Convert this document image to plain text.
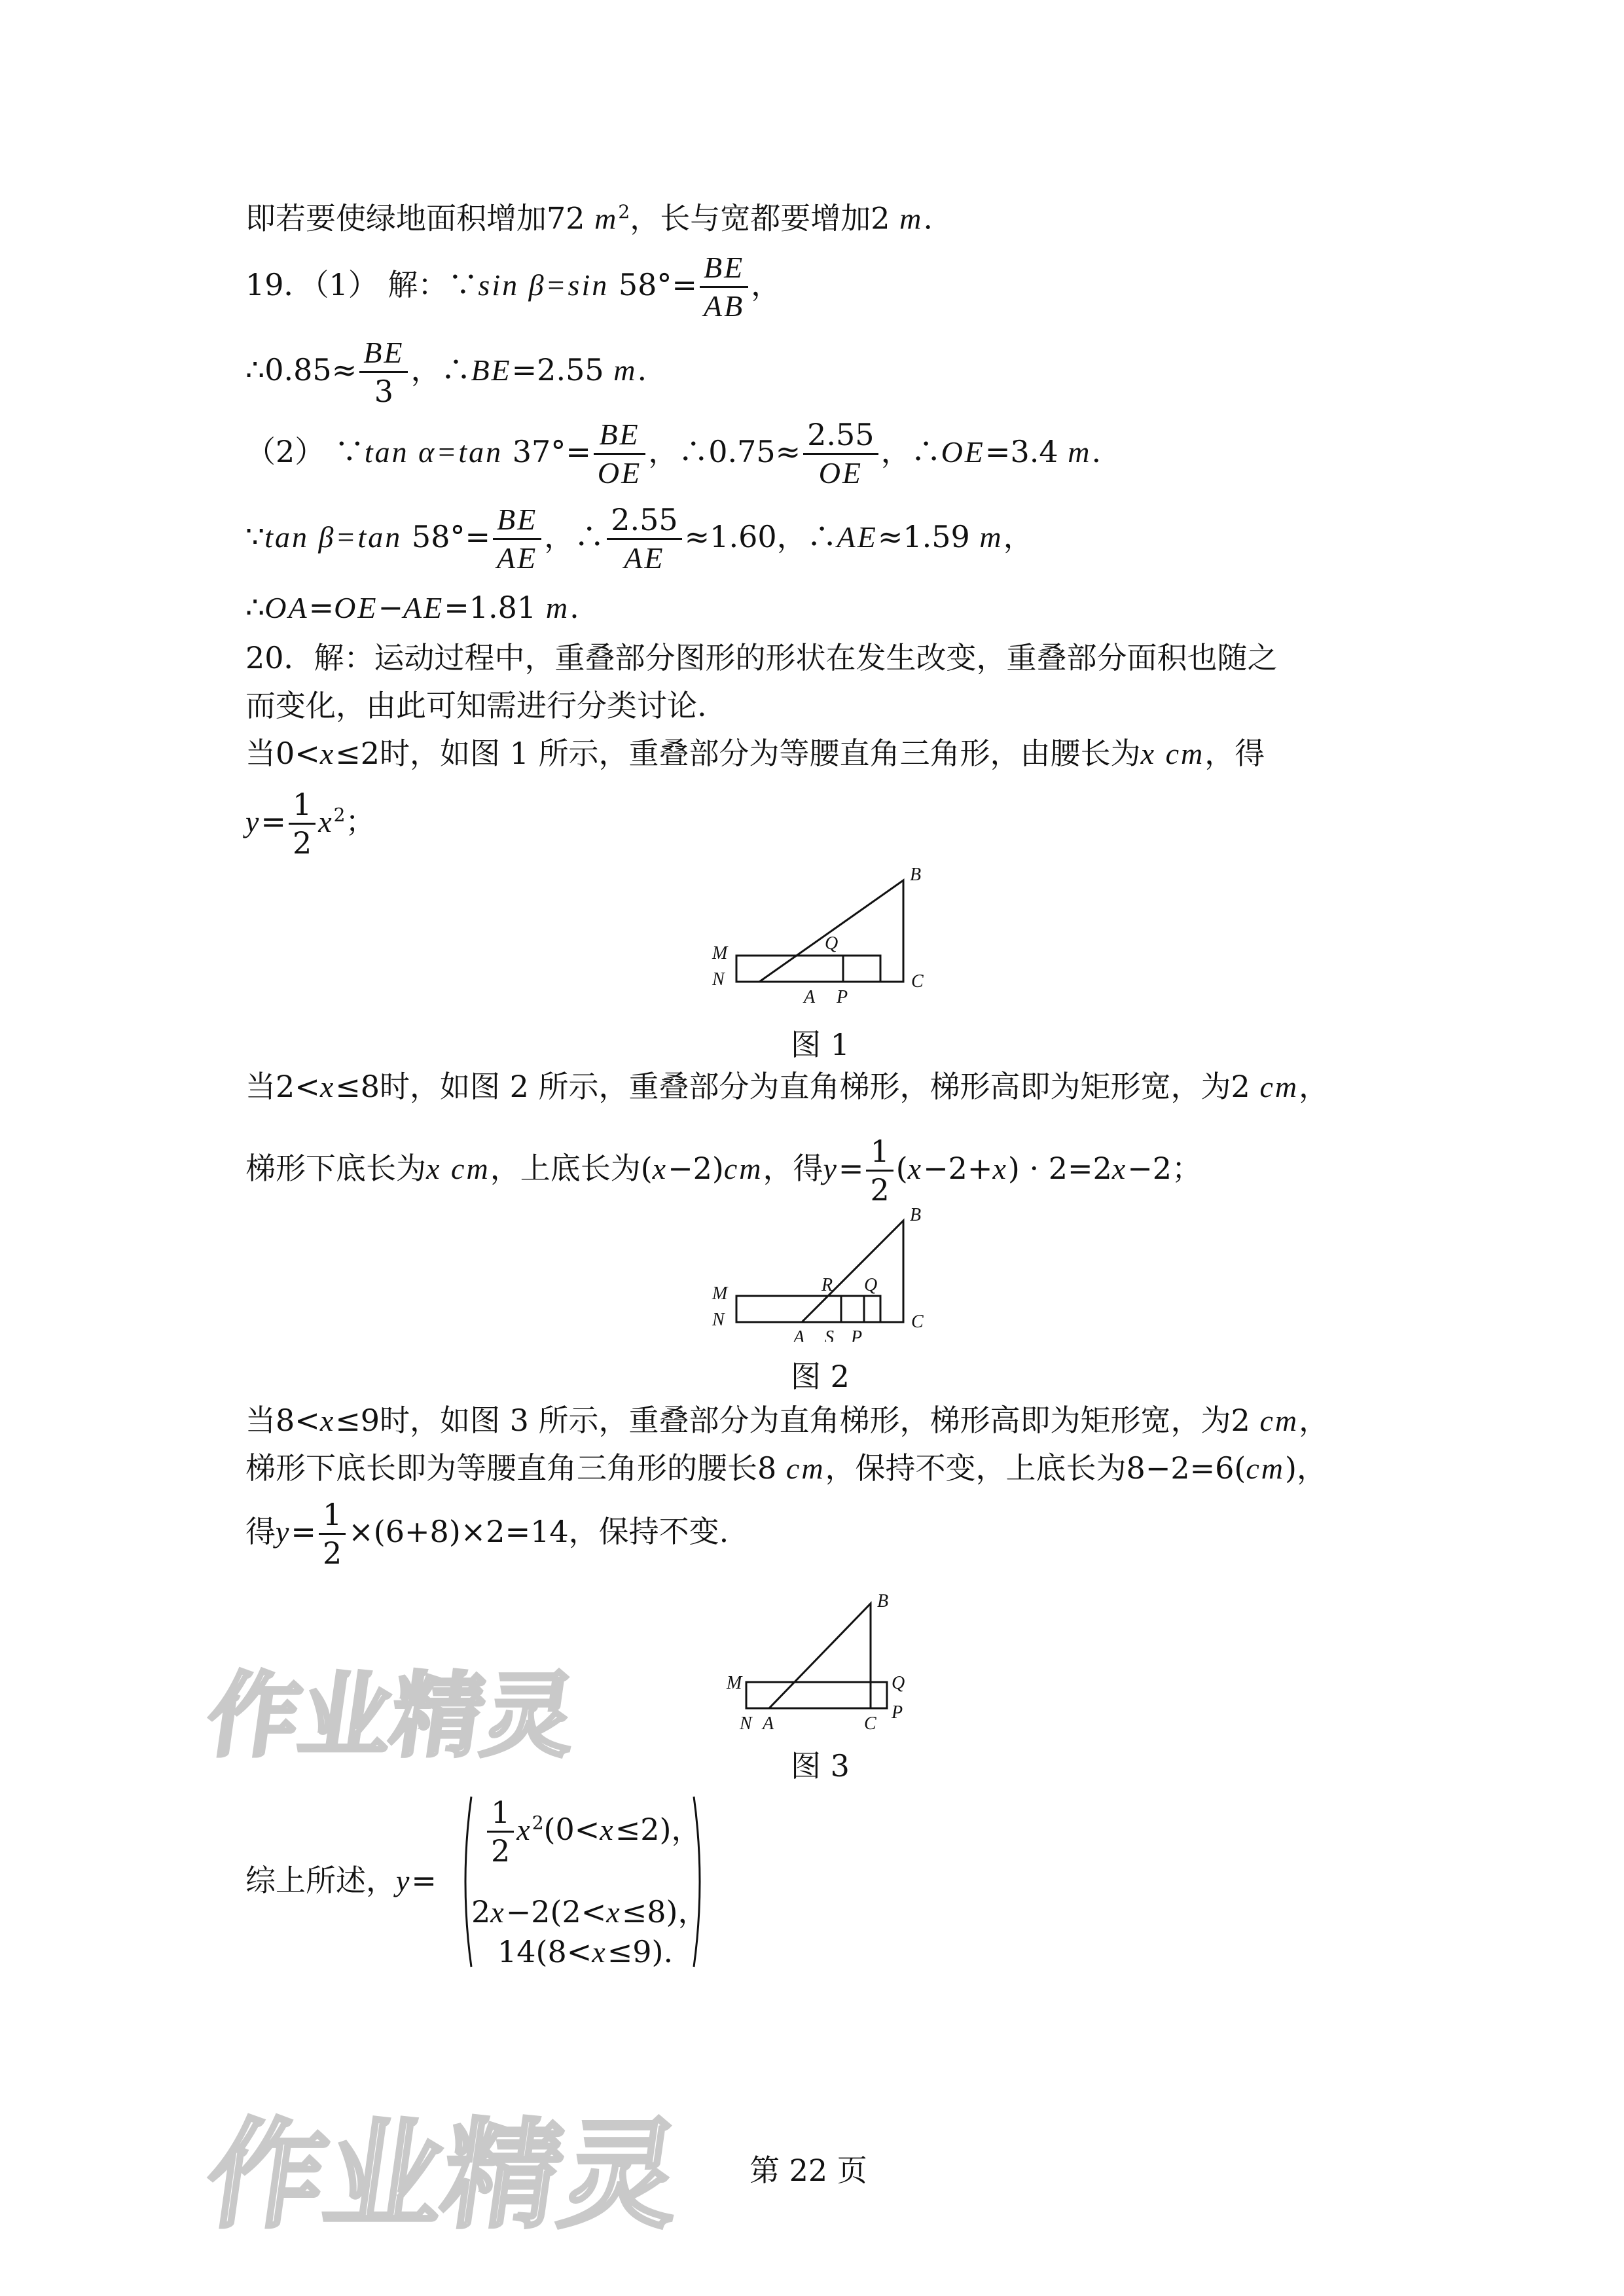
即若要使绿地面积增加72 $m^2$，长与宽都要增加2 m.
19．（1） 解：∵sin β=sin $58^\circ= \frac{BE}{AB}$ ，
∴0.85≈ $\frac{BE}{3}$ ，∴BE=2.55 m.
（2） ∵tan α=tan $37^\circ= \frac{BE}{OE}$ ，∴0.75≈ $\frac{2.55}{OE}$ ，∴OE=3.4 m.
∵tan β=tan $58^\circ= \frac{BE}{AE}$ ，∴ $\frac{2.55}{AE} \approx 1.60$，∴AE≈1.59 m，
∴OA=OE−AE=1.81 m.
20．解：运动过程中，重叠部分图形的形状在发生改变，重叠部分面积也随之
而变化，由此可知需进行分类讨论.
当0<x≤2时，如图 1 所示，重叠部分为等腰直角三角形，由腰长为x cm，得
$y= \frac{1}{2} x^2$；
B
M
N
Q
A P
C
图 1
当2<x≤8时，如图 2 所示，重叠部分为直角梯形，梯形高即为矩形宽，为2 cm，
梯形下底长为x cm，上底长为(x−2)cm，得$y= \frac{1}{2} (x-2+x) \cdot 2=2x-2$；
B
M
N
R Q
A S P
C
图 2
当8<x≤9时，如图 3 所示，重叠部分为直角梯形，梯形高即为矩形宽，为2 cm，
梯形下底长即为等腰直角三角形的腰长8 cm，保持不变，上底长为8−2=6(cm)，
得$y= \frac{1}{2} \times(6+8)\times 2=14$，保持不变.
B
M
N
Q
A	C
P
图 3
综上所述，y=
$\frac{1}{2} x^2(0<x\le 2)$，
2x−2(2<x≤8)，
14(8<x≤9).
作业精灵
作业精灵 第 22 页
